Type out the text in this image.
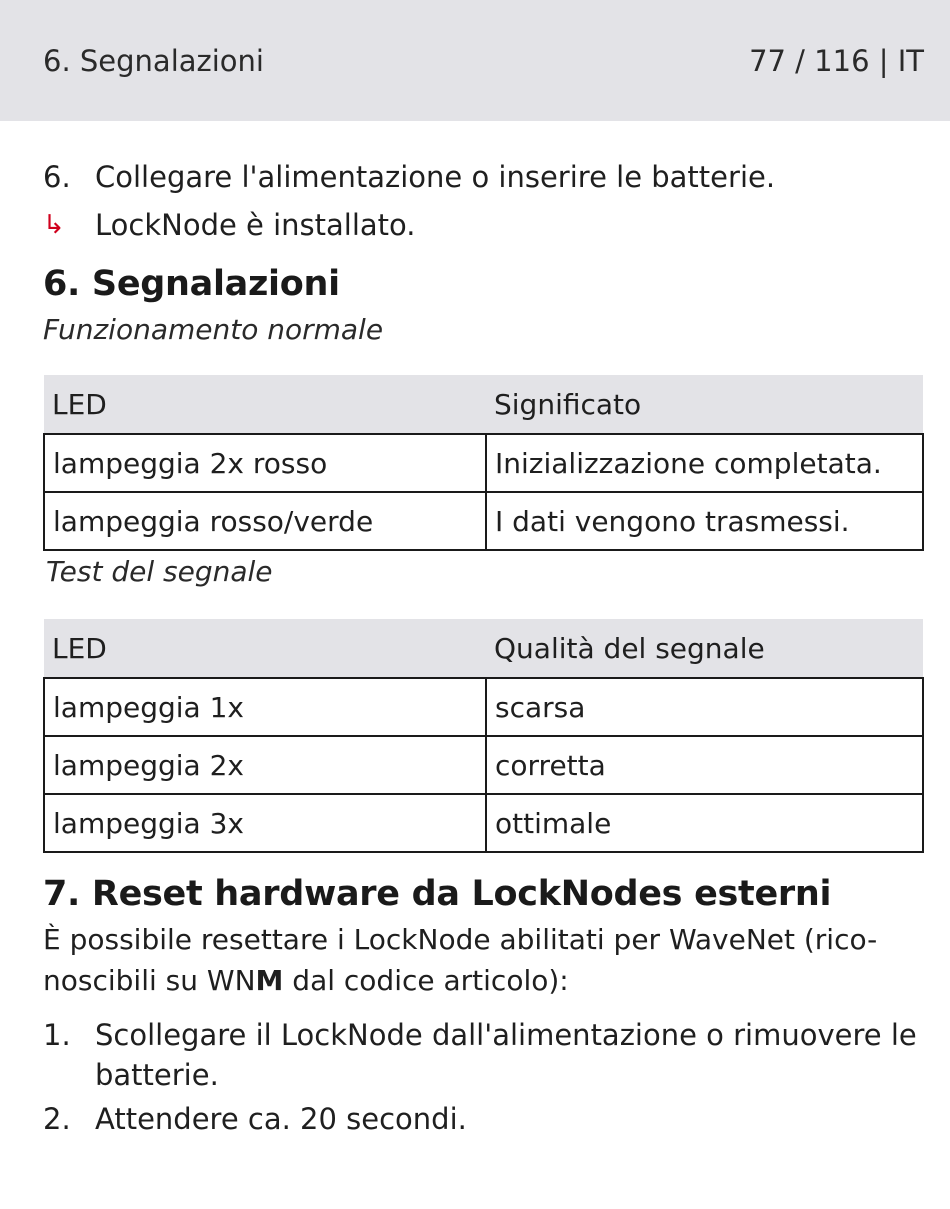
6. Segnalazioni	77 / 116 | IT
6. Collegare l'alimentazione o inserire le batterie.
↳	LockNode è installato.
6. Segnalazioni
Funzionamento normale
LED	Significato
lampeggia 2x rosso	Inizializzazione completata.
lampeggia rosso/verde	I dati vengono trasmessi.
Test del segnale
LED	Qualità del segnale
lampeggia 1x	scarsa
lampeggia 2x	corretta
lampeggia 3x	ottimale
7. Reset hardware da LockNodes esterni
È possibile resettare i LockNode abilitati per WaveNet (rico-noscibili su WNM dal codice articolo):
1. Scollegare il LockNode dall'alimentazione o rimuovere le batterie.
2. Attendere ca. 20 secondi.
